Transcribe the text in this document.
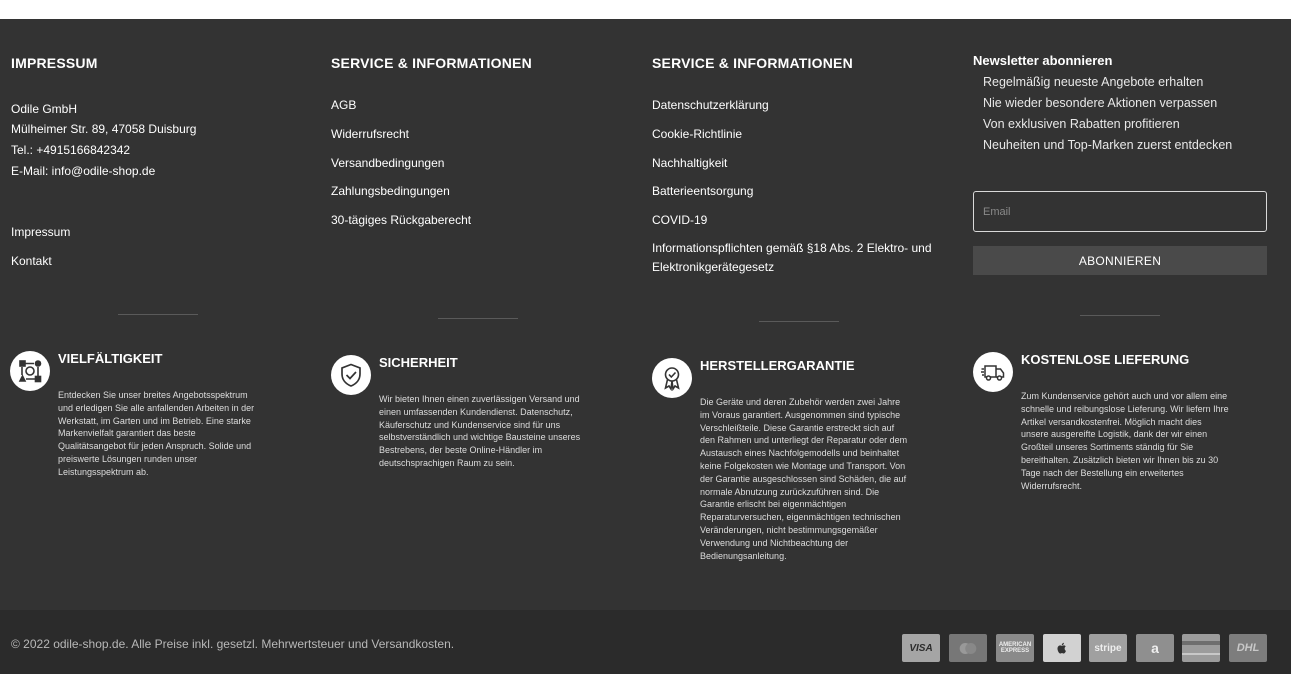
IMPRESSUM
Odile GmbH
Mülheimer Str. 89, 47058 Duisburg
Tel.: +4915166842342
E-Mail: info@odile-shop.de
Impressum
Kontakt
SERVICE & INFORMATIONEN
AGB
Widerrufsrecht
Versandbedingungen
Zahlungsbedingungen
30-tägiges Rückgaberecht
SERVICE & INFORMATIONEN
Datenschutzerklärung
Cookie-Richtlinie
Nachhaltigkeit
Batterieentsorgung
COVID-19
Informationspflichten gemäß §18 Abs. 2 Elektro- und Elektronikgerätegesetz
Newsletter abonnieren
Regelmäßig neueste Angebote erhalten
Nie wieder besondere Aktionen verpassen
Von exklusiven Rabatten profitieren
Neuheiten und Top-Marken zuerst entdecken
Email
ABONNIEREN
VIELFÄLTIGKEIT
Entdecken Sie unser breites Angebotsspektrum und erledigen Sie alle anfallenden Arbeiten in der Werkstatt, im Garten und im Betrieb. Eine starke Markenvielfalt garantiert das beste Qualitätsangebot für jeden Anspruch. Solide und preiswerte Lösungen runden unser Leistungsspektrum ab.
SICHERHEIT
Wir bieten Ihnen einen zuverlässigen Versand und einen umfassenden Kundendienst. Datenschutz, Käuferschutz und Kundenservice sind für uns selbstverständlich und wichtige Bausteine unseres Bestrebens, der beste Online-Händler im deutschsprachigen Raum zu sein.
HERSTELLERGARANTIE
Die Geräte und deren Zubehör werden zwei Jahre im Voraus garantiert. Ausgenommen sind typische Verschleißteile. Diese Garantie erstreckt sich auf den Rahmen und unterliegt der Reparatur oder dem Austausch eines Nachfolgemodells und beinhaltet keine Folgekosten wie Montage und Transport. Von der Garantie ausgeschlossen sind Schäden, die auf normale Abnutzung zurückzuführen sind. Die Garantie erlischt bei eigenmächtigen Reparaturversuchen, eigenmächtigen technischen Veränderungen, nicht bestimmungsgemäßer Verwendung und Nichtbeachtung der Bedienungsanleitung.
KOSTENLOSE LIEFERUNG
Zum Kundenservice gehört auch und vor allem eine schnelle und reibungslose Lieferung. Wir liefern Ihre Artikel versandkostenfrei. Möglich macht dies unsere ausgereifte Logistik, dank der wir einen Großteil unseres Sortiments ständig für Sie bereithalten. Zusätzlich bieten wir Ihnen bis zu 30 Tage nach der Bestellung ein erweitertes Widerrufsrecht.
© 2022 odile-shop.de. Alle Preise inkl. gesetzl. Mehrwertsteuer und Versandkosten.	VISA	AMERICAN EXPRESS	stripe a	DHL
